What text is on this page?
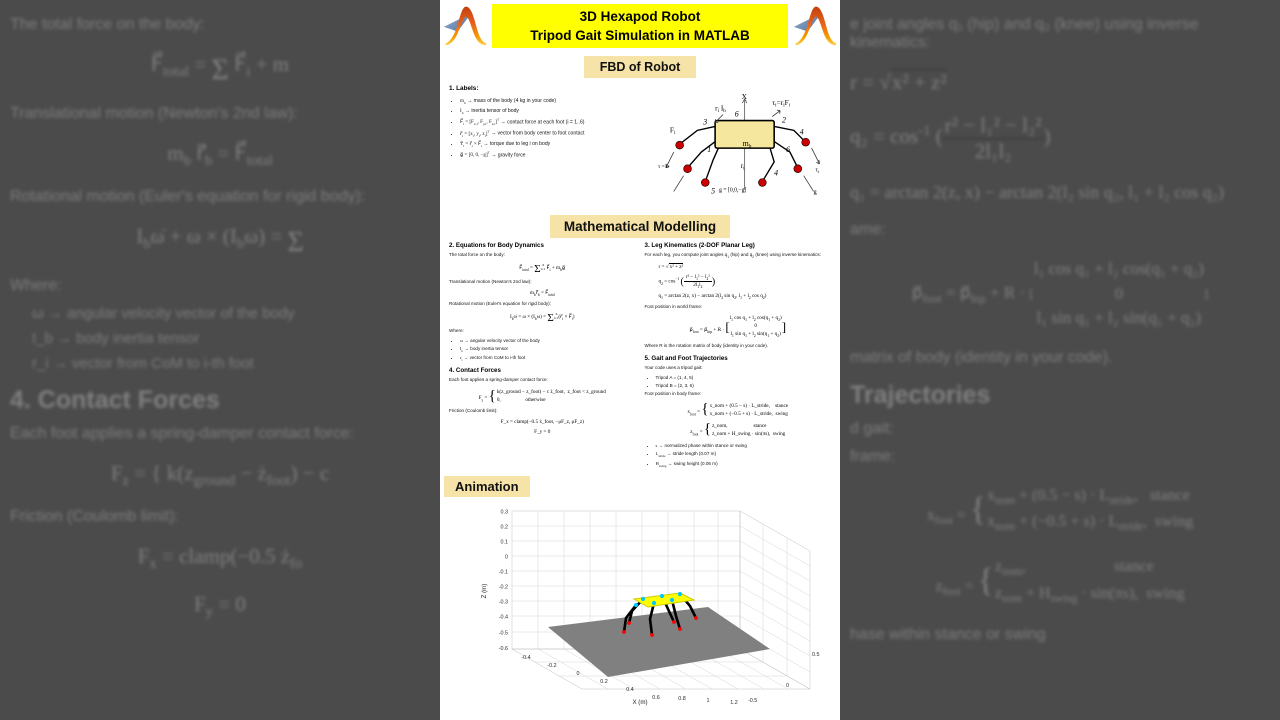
The total force on the body:
$F⃗_{total} = \Sigma$ $F⃗_i + m$
Translational motion (Newton's 2nd law):
$m_b$ $r⃗̈_b$ = $F⃗_{total}$
Rotational motion (Euler's equation for rigid body):
$I_b\omegȧ + \omega \times (I_b\omega) = \Sigma$
Where:
ω → angular velocity vector of the body
I_b → body inertia tensor
r_i → vector from CoM to i-th foot
4. Contact Forces
Each foot applies a spring-damper contact force:
$F_z$ = { $k(z_{ground}$ − $ż_{foot}) - c$
Friction (Coulomb limit):
$F_x$ = clamp(−0.5 $ż_{fo}$
$F_y = 0$
e joint angles q₁ (hip) and q₂ (knee) using inverse kinematics:
r = √x² + z²
$q_2 = \cos^{-1}$ ( $\frac{\text{r² − l₁² − l₂²}}{\text{2l₁l₂}}$ )
q₁ = arctan 2(z, x) − arctan 2(l₂ sin q₂, l₁ + l₂ cos q₂)
ame:
$p⃗_{foot}$ = $p⃗_{hip} + R$ · [
l₁ cos q₁ + l₂ cos(q₁ + q₂)
0
l₁ sin q₁ + l₂ sin(q₁ + q₂)
]
matrix of body (identity in your code).
Trajectories
d gait:
frame:
$x_{foot}$ = { $x_{nom} + (0.5 - s) \cdot L_{stride}$,   stance
$x_{nom} + (-0.5 + s) \cdot L_{stride}$,  swing
$z_{foot}$ = { $z_{nom}$,                      stance
$z_{nom} + H_{swing} \cdot \sin(\pi s)$,  swing
hase within stance or swing
3D Hexapod Robot
Tripod Gait Simulation in MATLAB
FBD of Robot
1. Labels:
• $m_b$ → mass of the body (4 kg in your code)
• $I_b$ → inertia tensor of body
• $F⃗_i = [F_{x,i}$, $F_{y,i}$, $F_{z,i}]^T$ → contact force at each foot (i = 1..6)
• $r⃗_i = [x_i$, $y_i$, $z_i]^T$ → vector from body center to foot contact
• $\tau⃗_i$ = $r⃗_i$ × $F⃗_i$ → torque due to leg i on body
• g⃗ = [0, 0, −g]$^T$ → gravity force
X
$r_i$ $I_b$
$\tau_i=r_iF_i$
$F_i$
$m_b$
$r_i$
τ = ̄σ
g = [0,0,−g]
τi
g
3	2
6
4
1	6
4
5
Mathematical Modelling
2. Equations for Body Dynamics
The total force on the body:
$F⃗_{total} = \Sigma$ 6
i=1 $F⃗_i$ + $m_bg⃗$
Translational motion (Newton's 2nd law):
$m_br⃗̈_b$ = $F⃗_{total}$
Rotational motion (Euler's equation for rigid body):
$I_b\omegȧ = \omega \times (I_b\omega) = \Sigma$ 6
$i=1(r⃗_i$ × $F⃗_i$)
Where:
• ω → angular velocity vector of the body
• $I_b$ → body inertia tensor
• $r_i$ → vector from CoM to i-th foot
4. Contact Forces
Each foot applies a spring-damper contact force:
$F_z$ = { k(z_ground − z_foot) − c ż_foot, z_foot < z_ground
0,	otherwise
Friction (Coulomb limit):
F_x = clamp(−0.5 ẋ_foot, −μF_z, μF_z)
F_y = 0
3. Leg Kinematics (2-DOF Planar Leg)
For each leg, you compute joint angles $q_1$ (hip) and $q_2$ (knee) using inverse kinematics:
r = √x² + z²
$q_2 = \cos^{-1}$ ( $\frac{r^2 - l_1^2 - l_2^2}{2l_1l_2}$ )
$q_1 = \arctan 2(z$, $x) - \arctan 2(l_2$ $\sin q_2$, $l_1 + l_2$ $\cos q_2$)
Foot position in world frame:
$p⃗_{foot}$ = $p⃗_{hip} + R$ · [
$l_1$ $\cos q_1 + l_2$ $\cos(q_1 + q_2)$
0
$l_1$ $\sin q_1 + l_2$ $\sin(q_1 + q_2)$ ]
Where R is the rotation matrix of body (identity in your code).
5. Gait and Foot Trajectories
Your code uses a tripod gait:
• Tripod A = (1, 4, 5)
• Tripod B = (2, 3, 6)
Foot position in body frame:
$x_{foot}$ = { x_nom + (0.5 − s) · L_stride, stance
x_nom + (−0.5 + s) · L_stride, swing
$z_{foot}$ = { z_nom,	stance
z_nom + H_swing · sin(πs), swing
• s → normalized phase within stance or swing
• $L_{stride}$ → stride length (0.07 m)
• $H_{swing}$ → swing height (0.06 m)
Animation
0.3
0.2
0.1
0
-0.1
-0.2
-0.3
-0.4
-0.5
-0.6
Z (m)
-0.4
-0.2
0
0.2
0.4
0.6	0.8	1	1.2
X (m)	-0.5
0
0.5
